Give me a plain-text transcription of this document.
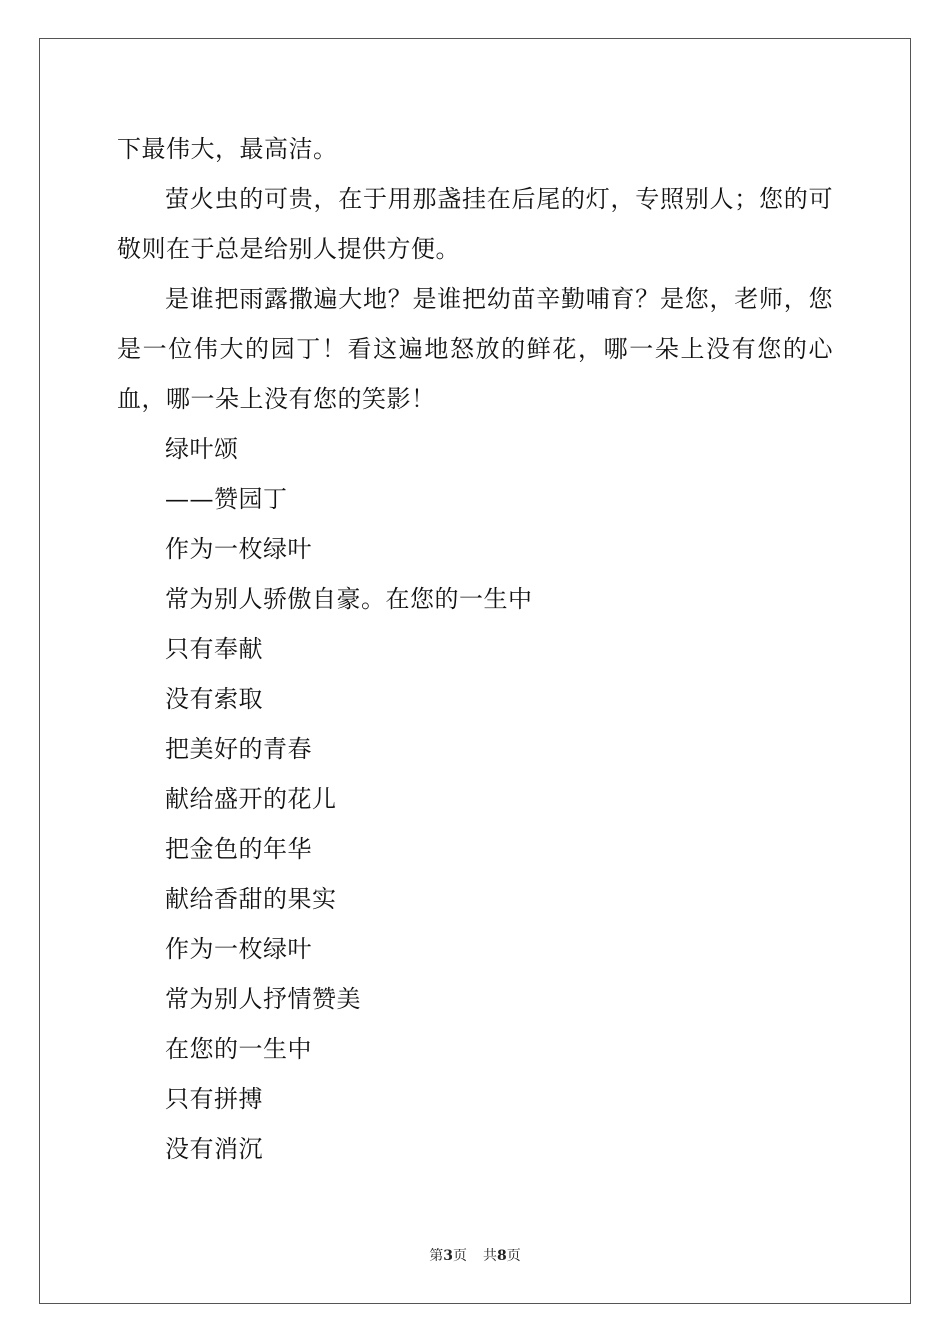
下最伟大，最高洁。

萤火虫的可贵，在于用那盏挂在后尾的灯，专照别人；您的可敬则在于总是给别人提供方便。

是谁把雨露撒遍大地？是谁把幼苗辛勤哺育？是您，老师，您是一位伟大的园丁！看这遍地怒放的鲜花，哪一朵上没有您的心血，哪一朵上没有您的笑影！

绿叶颂

——赞园丁

作为一枚绿叶

常为别人骄傲自豪。在您的一生中

只有奉献

没有索取

把美好的青春

献给盛开的花儿

把金色的年华

献给香甜的果实

作为一枚绿叶

常为别人抒情赞美

在您的一生中

只有拼搏

没有消沉

第3页 共8页
